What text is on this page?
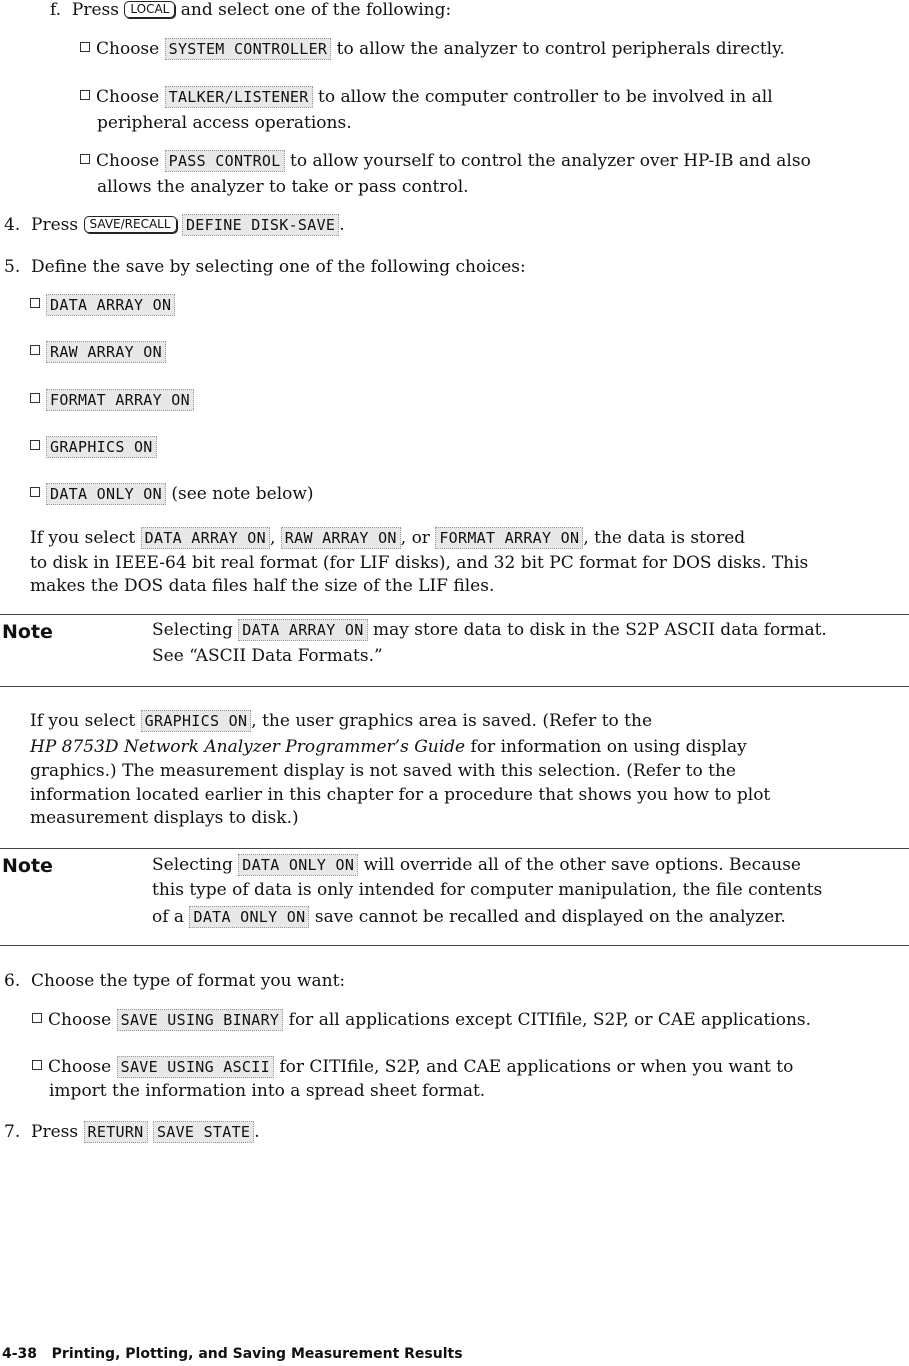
f. Press LOCAL and select one of the following:
Choose SYSTEM CONTROLLER to allow the analyzer to control peripherals directly.
Choose TALKER/LISTENER to allow the computer controller to be involved in all
peripheral access operations.
Choose PASS CONTROL to allow yourself to control the analyzer over HP-IB and also
allows the analyzer to take or pass control.
4. Press SAVE/RECALL DEFINE DISK-SAVE .
5. Define the save by selecting one of the following choices:
DATA ARRAY ON
RAW ARRAY ON
FORMAT ARRAY ON
GRAPHICS ON
DATA ONLY ON (see note below)
If you select DATA ARRAY ON , RAW ARRAY ON , or FORMAT ARRAY ON , the data is stored
to disk in IEEE-64 bit real format (for LIF disks), and 32 bit PC format for DOS disks. This
makes the DOS data files half the size of the LIF files.
Note	Selecting DATA ARRAY ON may store data to disk in the S2P ASCII data format.
See “ASCII Data Formats.”
If you select GRAPHICS ON , the user graphics area is saved. (Refer to the
HP 8753D Network Analyzer Programmer’s Guide for information on using display
graphics.) The measurement display is not saved with this selection. (Refer to the
information located earlier in this chapter for a procedure that shows you how to plot
measurement displays to disk.)
Note	Selecting DATA ONLY ON will override all of the other save options. Because
this type of data is only intended for computer manipulation, the file contents
of a DATA ONLY ON save cannot be recalled and displayed on the analyzer.
6. Choose the type of format you want:
Choose SAVE USING BINARY for all applications except CITIfile, S2P, or CAE applications.
Choose SAVE USING ASCII for CITIfile, S2P, and CAE applications or when you want to
import the information into a spread sheet format.
7. Press RETURN SAVE STATE .
4-38 Printing, Plotting, and Saving Measurement Results
